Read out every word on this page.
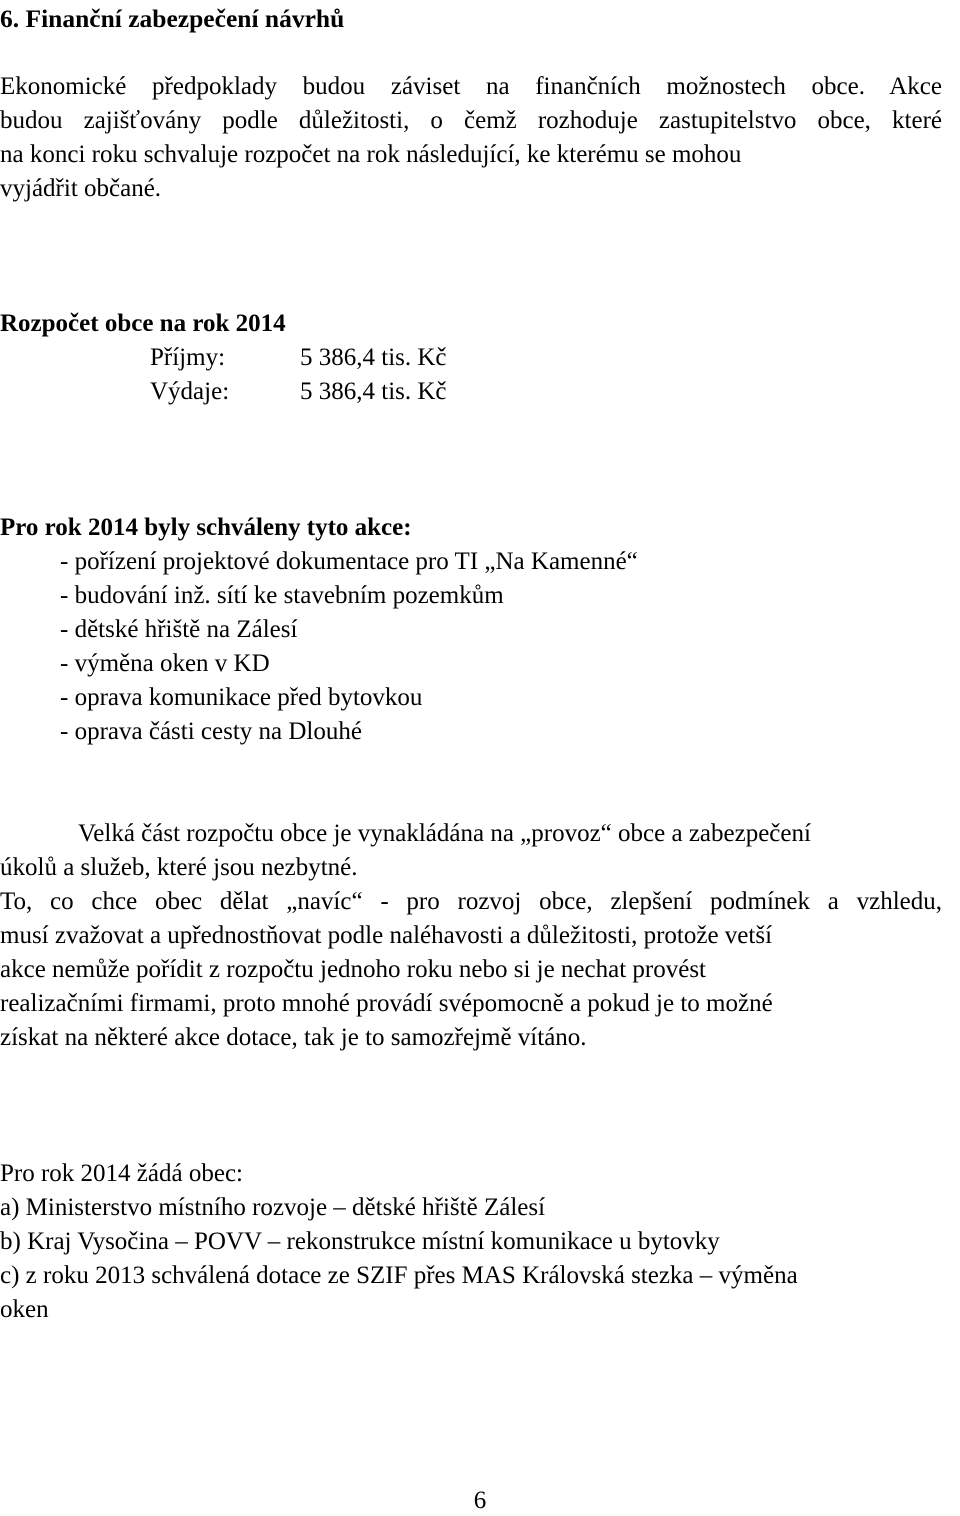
6. Finanční zabezpečení návrhů
Ekonomické předpoklady budou záviset na finančních možnostech obce. Akce
budou zajišťovány podle důležitosti, o čemž rozhoduje zastupitelstvo obce, které
na konci roku schvaluje rozpočet na rok následující, ke kterému se mohou
vyjádřit občané.
Rozpočet obce na rok 2014
Příjmy:	5 386,4 tis. Kč
Výdaje:	5 386,4 tis. Kč
Pro rok 2014 byly schváleny tyto akce:
- pořízení projektové dokumentace pro TI „Na Kamenné“
- budování inž. sítí ke stavebním pozemkům
- dětské hřiště na Zálesí
- výměna oken v KD
- oprava komunikace před bytovkou
- oprava části cesty na Dlouhé
Velká část rozpočtu obce je vynakládána na „provoz“ obce a zabezpečení
úkolů a služeb, které jsou nezbytné.
To, co chce obec dělat „navíc“ - pro rozvoj obce, zlepšení podmínek a vzhledu,
musí zvažovat a upřednostňovat podle naléhavosti a důležitosti, protože vetší
akce nemůže pořídit z rozpočtu jednoho roku nebo si je nechat provést
realizačními firmami, proto mnohé provádí svépomocně a pokud je to možné
získat na některé akce dotace, tak je to samozřejmě vítáno.
Pro rok 2014 žádá obec:
a) Ministerstvo místního rozvoje – dětské hřiště Zálesí
b) Kraj Vysočina – POVV – rekonstrukce místní komunikace u bytovky
c) z roku 2013 schválená dotace ze SZIF přes MAS Královská stezka – výměna
oken
6
